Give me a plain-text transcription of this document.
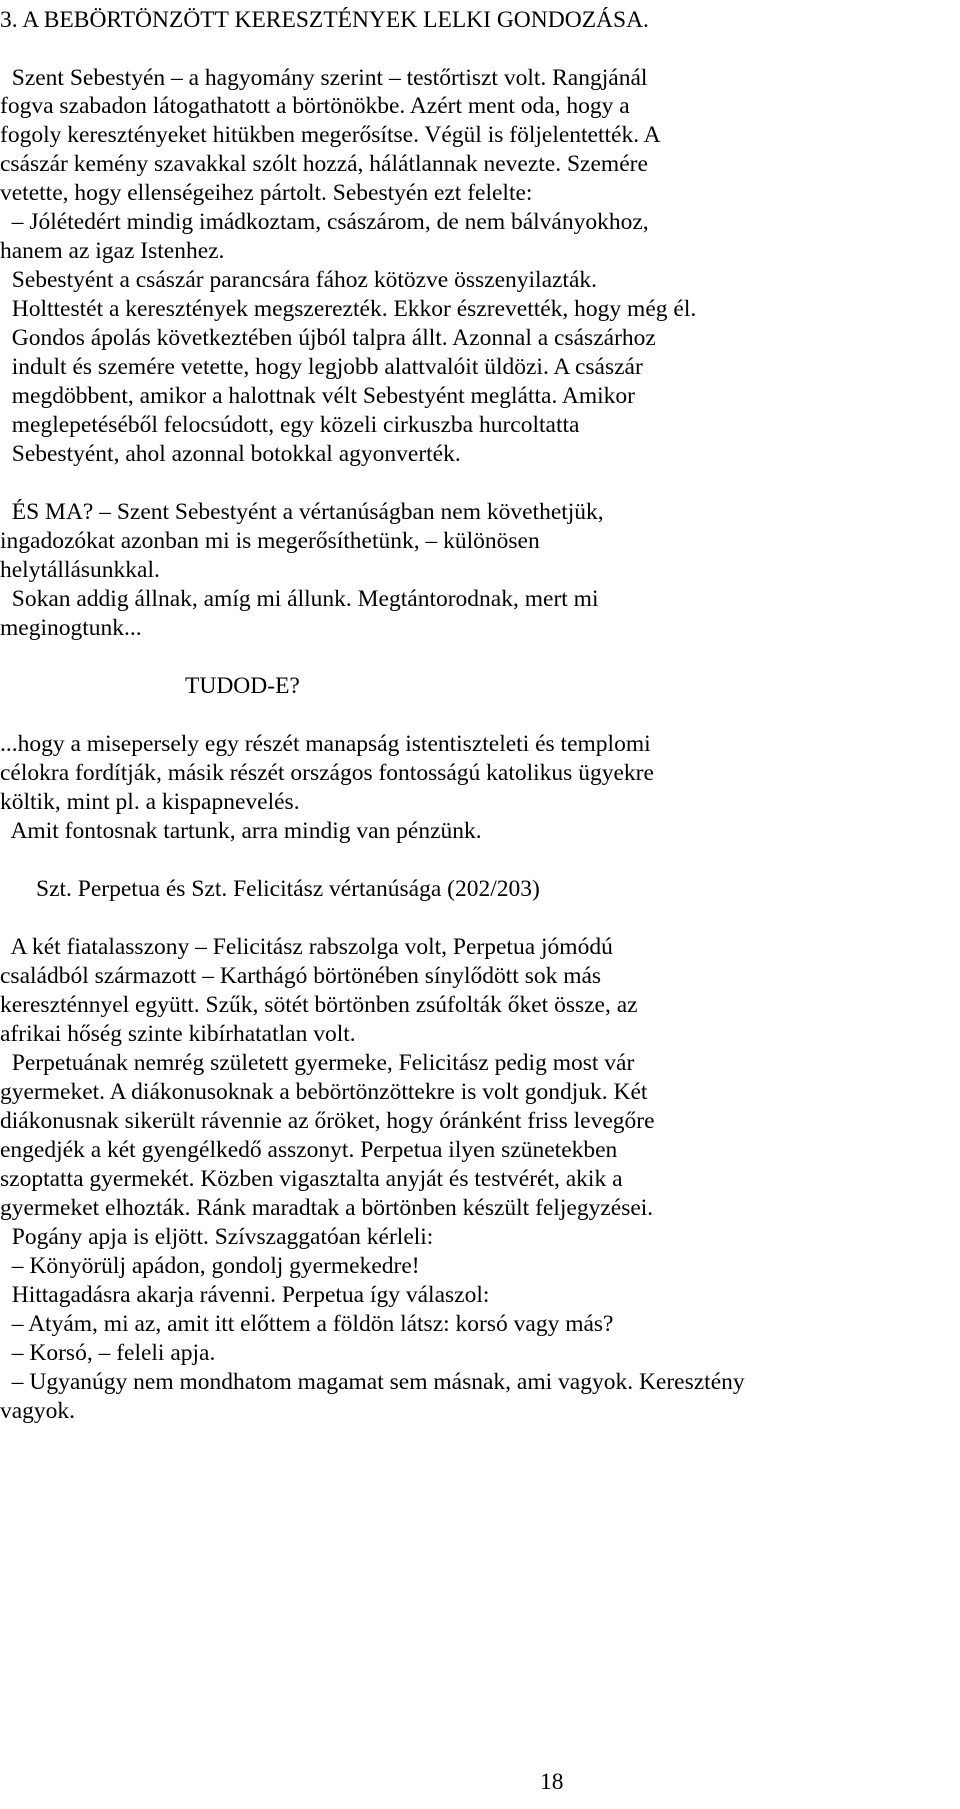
3. A BEBÖRTÖNZÖTT KERESZTÉNYEK LELKI GONDOZÁSA.

Szent Sebestyén – a hagyomány szerint – testőrtiszt volt. Rangjánál

fogva szabadon látogathatott a börtönökbe. Azért ment oda, hogy a

fogoly keresztényeket hitükben megerősítse. Végül is följelentették. A

császár kemény szavakkal szólt hozzá, hálátlannak nevezte. Szemére

vetette, hogy ellenségeihez pártolt. Sebestyén ezt felelte:

– Jólétedért mindig imádkoztam, császárom, de nem bálványokhoz,

hanem az igaz Istenhez.

Sebestyént a császár parancsára fához kötözve összenyilazták.

Holttestét a keresztények megszerezték. Ekkor észrevették, hogy még él.

Gondos ápolás következtében újból talpra állt. Azonnal a császárhoz

indult és szemére vetette, hogy legjobb alattvalóit üldözi. A császár

megdöbbent, amikor a halottnak vélt Sebestyént meglátta. Amikor

meglepetéséből felocsúdott, egy közeli cirkuszba hurcoltatta

Sebestyént, ahol azonnal botokkal agyonverték.

ÉS MA? – Szent Sebestyént a vértanúságban nem követhetjük,

ingadozókat azonban mi is megerősíthetünk, – különösen

helytállásunkkal.

Sokan addig állnak, amíg mi állunk. Megtántorodnak, mert mi

meginogtunk...

TUDOD-E?

...hogy a misepersely egy részét manapság istentiszteleti és templomi

célokra fordítják, másik részét országos fontosságú katolikus ügyekre

költik, mint pl. a kispapnevelés.

Amit fontosnak tartunk, arra mindig van pénzünk.

Szt. Perpetua és Szt. Felicitász vértanúsága (202/203)

A két fiatalasszony – Felicitász rabszolga volt, Perpetua jómódú

családból származott – Karthágó börtönében sínylődött sok más

kereszténnyel együtt. Szűk, sötét börtönben zsúfolták őket össze, az

afrikai hőség szinte kibírhatatlan volt.

Perpetuának nemrég született gyermeke, Felicitász pedig most vár

gyermeket. A diákonusoknak a bebörtönzöttekre is volt gondjuk. Két

diákonusnak sikerült rávennie az őröket, hogy óránként friss levegőre

engedjék a két gyengélkedő asszonyt. Perpetua ilyen szünetekben

szoptatta gyermekét. Közben vigasztalta anyját és testvérét, akik a

gyermeket elhozták. Ránk maradtak a börtönben készült feljegyzései.

Pogány apja is eljött. Szívszaggatóan kérleli:

– Könyörülj apádon, gondolj gyermekedre!

Hittagadásra akarja rávenni. Perpetua így válaszol:

– Atyám, mi az, amit itt előttem a földön látsz: korsó vagy más?

– Korsó, – feleli apja.

– Ugyanúgy nem mondhatom magamat sem másnak, ami vagyok. Keresztény

vagyok.

18
